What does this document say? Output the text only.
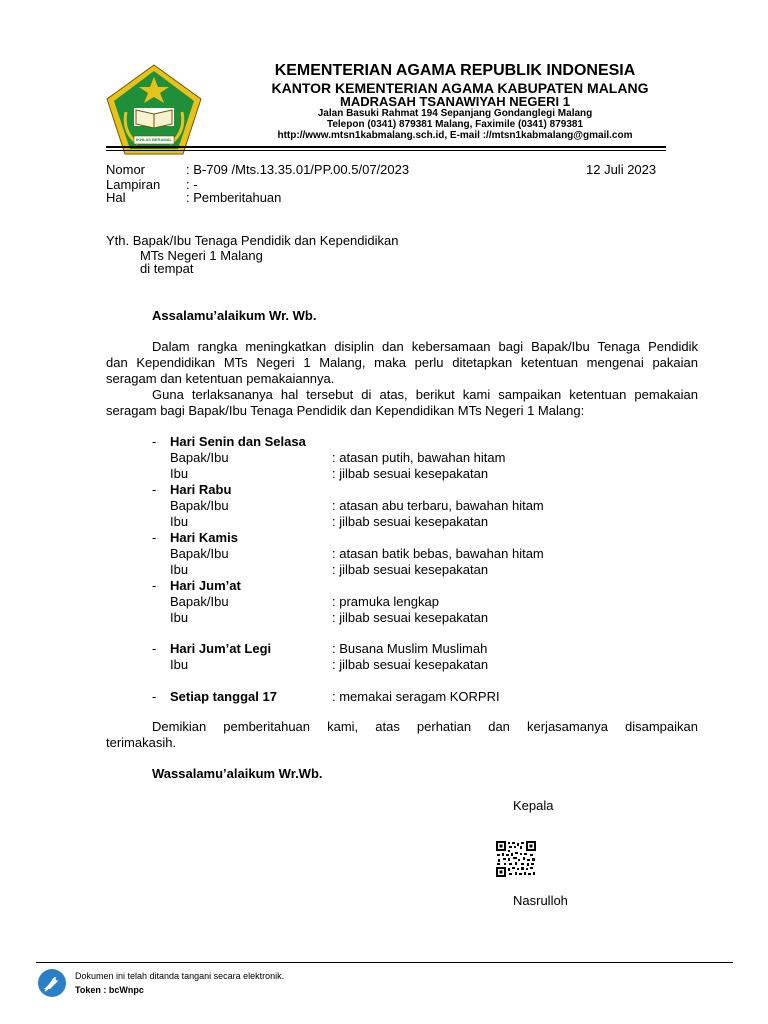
IKHLAS BERAMAL
KEMENTERIAN AGAMA REPUBLIK INDONESIA
KANTOR KEMENTERIAN AGAMA KABUPATEN MALANG
MADRASAH TSANAWIYAH NEGERI 1
Jalan Basuki Rahmat 194 Sepanjang Gondanglegi Malang
Telepon (0341) 879381 Malang, Faximile (0341) 879381
http://www.mtsn1kabmalang.sch.id, E-mail ://mtsn1kabmalang@gmail.com
Nomor	: B-709 /Mts.13.35.01/PP.00.5/07/2023	12 Juli 2023
Lampiran : -
Hal	: Pemberitahuan
Yth. Bapak/Ibu Tenaga Pendidik dan Kependidikan
MTs Negeri 1 Malang
di tempat
Assalamu’alaikum Wr. Wb.
Dalam rangka meningkatkan disiplin dan kebersamaan bagi Bapak/Ibu Tenaga Pendidik
dan Kependidikan MTs Negeri 1 Malang, maka perlu ditetapkan ketentuan mengenai pakaian
seragam dan ketentuan pemakaiannya.
Guna terlaksananya hal tersebut di atas, berikut kami sampaikan ketentuan pemakaian
seragam bagi Bapak/Ibu Tenaga Pendidik dan Kependidikan MTs Negeri 1 Malang:
- Hari Senin dan Selasa
Bapak/Ibu	: atasan putih, bawahan hitam
Ibu	: jilbab sesuai kesepakatan
- Hari Rabu
Bapak/Ibu	: atasan abu terbaru, bawahan hitam
Ibu	: jilbab sesuai kesepakatan
- Hari Kamis
Bapak/Ibu	: atasan batik bebas, bawahan hitam
Ibu	: jilbab sesuai kesepakatan
- Hari Jum’at
Bapak/Ibu	: pramuka lengkap
Ibu	: jilbab sesuai kesepakatan
- Hari Jum’at Legi	: Busana Muslim Muslimah
Ibu	: jilbab sesuai kesepakatan
- Setiap tanggal 17	: memakai seragam KORPRI
Demikian pemberitahuan kami, atas perhatian dan kerjasamanya disampaikan
terimakasih.
Wassalamu’alaikum Wr.Wb.
Kepala
Nasrulloh
Dokumen ini telah ditanda tangani secara elektronik.
Token : bcWnpc
